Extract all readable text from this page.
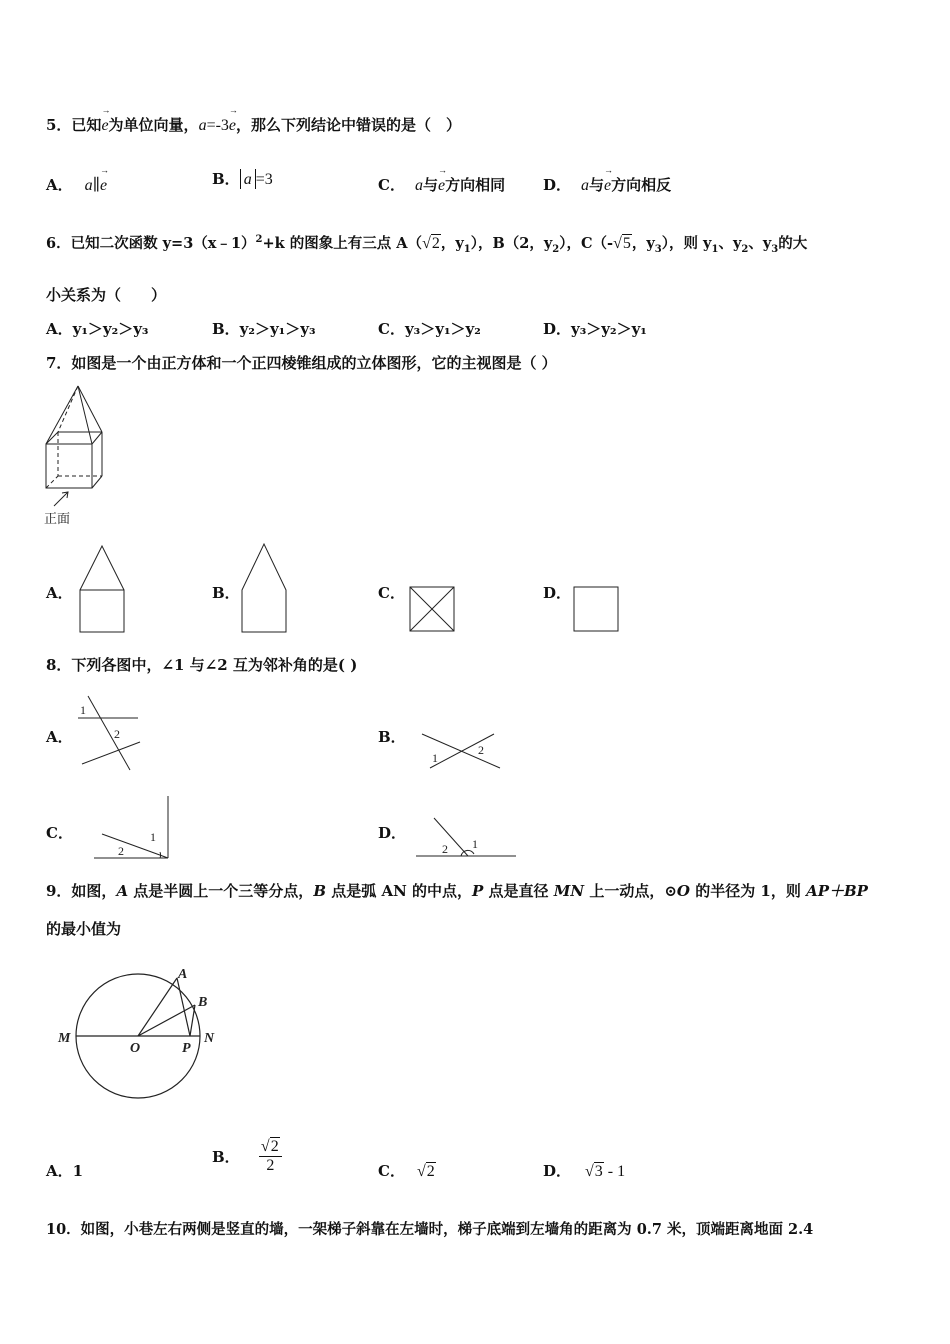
5．已知→ e为单位向量，a=-3→ e，那么下列结论中错误的是（　）
A． a∥→ e	B． a =3	C． a与→ e方向相同	D． a与→ e方向相反
6．已知二次函数 y=3（x﹣1）$^2$+k 的图象上有三点 A（√2，$y_1$），B（2，$y_2$），C（-√5，$y_3$），则 $y_1$、$y_2$、$y_3$的大
小关系为（　　）
A．y₁＞y₂＞y₃	B．y₂＞y₁＞y₃	C．y₃＞y₁＞y₂	D．y₃＞y₂＞y₁
7．如图是一个由正方体和一个正四棱锥组成的立体图形，它的主视图是（ ）
正面
A．	B．	C．	D．
8．下列各图中，∠1 与∠2 互为邻补角的是( )
A．
1
2	B．
1
2
C．	1
2
D．
2 1
9．如图，A 点是半圆上一个三等分点，B 点是弧 AN 的中点，P 点是直径 MN 上一动点，⊙O 的半径为 1，则 AP＋BP
的最小值为
M
O	P
N
A
B
A．1
B． $\frac{√2}{2}$	C． √2	D． √3 - 1
10．如图，小巷左右两侧是竖直的墙，一架梯子斜靠在左墙时，梯子底端到左墙角的距离为 0.7 米，顶端距离地面 2.4
